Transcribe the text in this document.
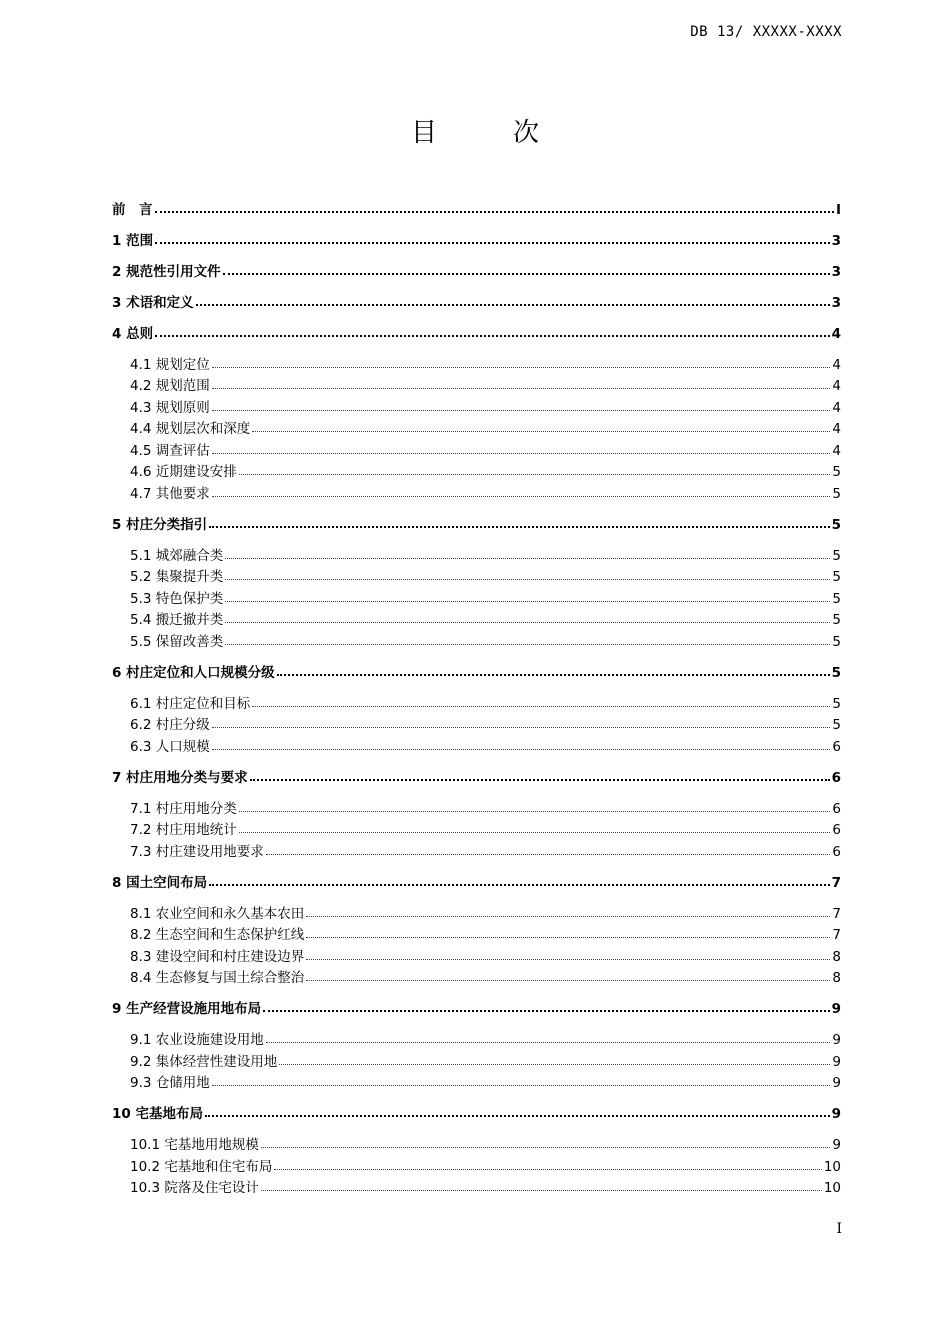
DB 13/ XXXXX-XXXX
目	次
前　言	I
1 范围	3
2 规范性引用文件	3
3 术语和定义	3
4 总则	4
4.1 规划定位	4
4.2 规划范围	4
4.3 规划原则	4
4.4 规划层次和深度	4
4.5 调查评估	4
4.6 近期建设安排	5
4.7 其他要求	5
5 村庄分类指引	5
5.1 城郊融合类	5
5.2 集聚提升类	5
5.3 特色保护类	5
5.4 搬迁撤并类	5
5.5 保留改善类	5
6 村庄定位和人口规模分级	5
6.1 村庄定位和目标	5
6.2 村庄分级	5
6.3 人口规模	6
7 村庄用地分类与要求	6
7.1 村庄用地分类	6
7.2 村庄用地统计	6
7.3 村庄建设用地要求	6
8 国土空间布局	7
8.1 农业空间和永久基本农田	7
8.2 生态空间和生态保护红线	7
8.3 建设空间和村庄建设边界	8
8.4 生态修复与国土综合整治	8
9 生产经营设施用地布局	9
9.1 农业设施建设用地	9
9.2 集体经营性建设用地	9
9.3 仓储用地	9
10 宅基地布局	9
10.1 宅基地用地规模	9
10.2 宅基地和住宅布局	10
10.3 院落及住宅设计	10
I
